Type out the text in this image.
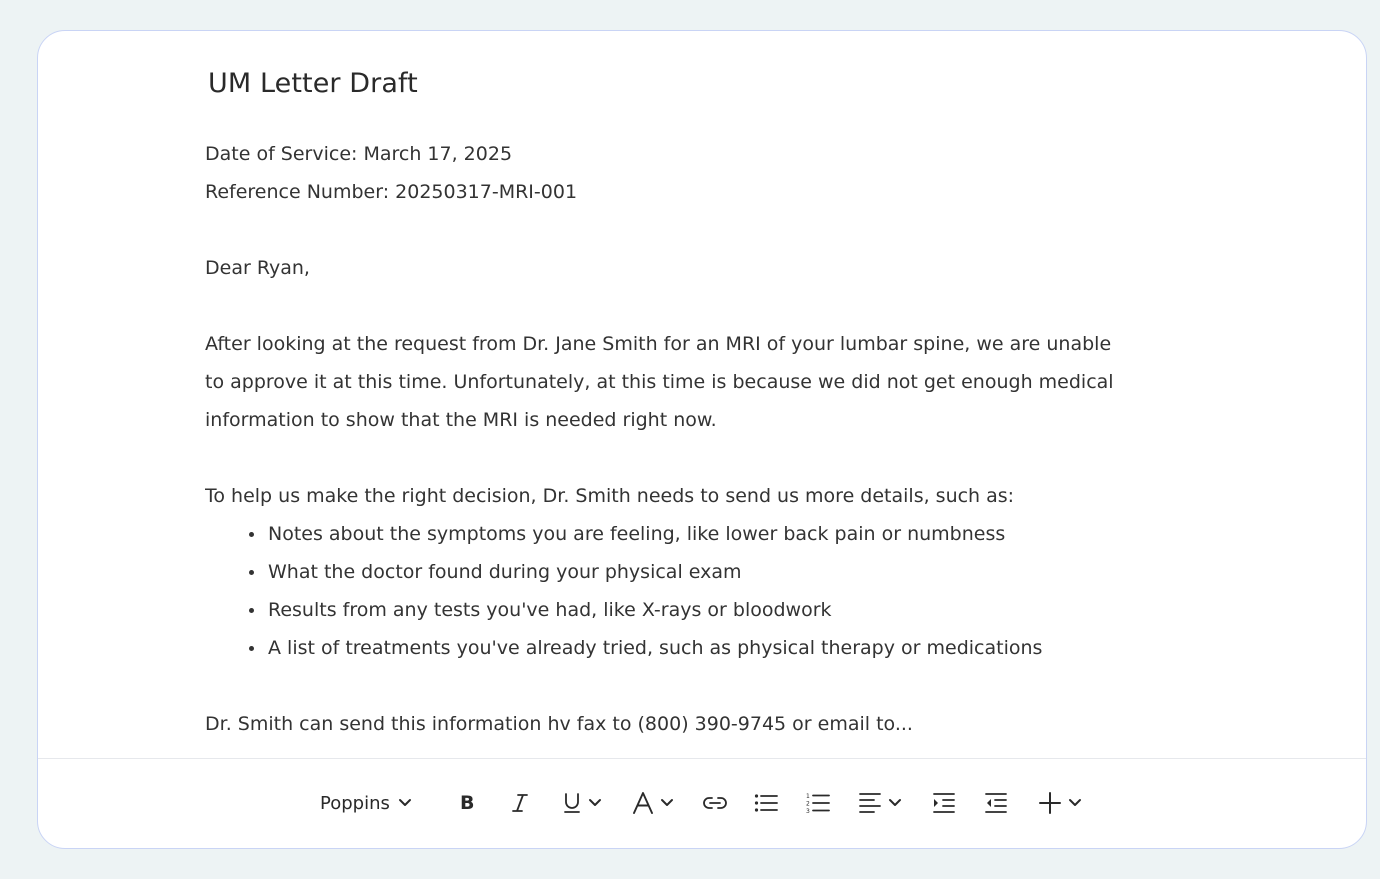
UM Letter Draft
Date of Service: March 17, 2025
Reference Number: 20250317-MRI-001
Dear Ryan,
After looking at the request from Dr. Jane Smith for an MRI of your lumbar spine, we are unable
to approve it at this time. Unfortunately, at this time is because we did not get enough medical
information to show that the MRI is needed right now.
To help us make the right decision, Dr. Smith needs to send us more details, such as:
Notes about the symptoms you are feeling, like lower back pain or numbness
What the doctor found during your physical exam
Results from any tests you've had, like X-rays or bloodwork
A list of treatments you've already tried, such as physical therapy or medications
Dr. Smith can send this information hv fax to (800) 390-9745 or email to...
Poppins	B	1
2
3
